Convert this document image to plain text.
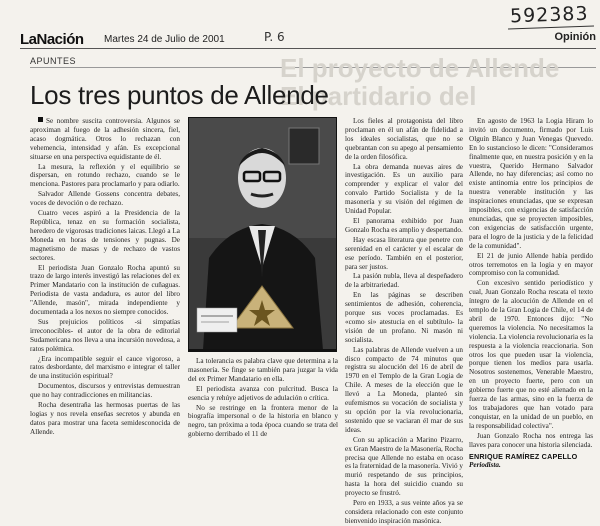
592383
P. 6
LaNación Martes 24 de Julio de 2001	Opinión
APUNTES	El proyecto de Allende
El partidario del
Los tres puntos de Allende

Se nombre suscita controversia. Algunos se aproximan al fuego de la adhesión sincera, fiel, acaso dogmática. Otros lo rechazan con vehemencia, intensidad y afán. Es excepcional situarse en una perspectiva equidistante de él.

La mesura, la reflexión y el equilibrio se dispersan, en rotundo rechazo, cuando se le menciona. Pastores para proclamarlo y para odiarlo.

Salvador Allende Gossens concentra debates, voces de devoción o de rechazo.

Cuatro veces aspiró a la Presidencia de la República, tenaz en su formación socialista, heredero de vigorosas tradiciones laicas. Llegó a La Moneda en horas de tensiones y pugnas. De magnetismo de masas y de rechazo de vastos sectores.

El periodista Juan Gonzalo Rocha apuntó su trazo de largo interés investigó las relaciones del ex Primer Mandatario con la institución de cuñaguas. Periodista de vasta andadura, es autor del libro "Allende, masón", mirada independiente y documentada a los nexos no siempre conocidos.

Sus prejuicios políticos -si simpatías irreconocibles- el autor de la obra de editorial Sudamericana nos lleva a una incursión novedosa, a ratos polémica.

¿Era incompatible seguir el cauce vigoroso, a ratos desbordante, del marxismo e integrar el taller de una institución espiritual?

Documentos, discursos y entrevistas demuestran que no hay contradicciones en militancias.

Rocha desentraña las hermosas puertas de las logias y nos revela enseñas secretos y abunda en datos para mostrar una faceta semidesconocida de Allende.

La tolerancia es palabra clave que determina a la masonería. Se finge se también para juzgar la vida del ex Primer Mandatario en ella.

El periodista avanza con pulcritud. Busca la esencia y rehúye adjetivos de adulación o crítica.

No se restringe en la frontera menor de la biografía impersonal o de la historia en blanco y negro, tan próxima a toda época cuando se trata del gobierno derribado el 11 de

Los fieles al protagonista del libro proclaman en él un afán de fidelidad a los ideales socialistas, que no se quebrantan con su apego al pensamiento de la orden filosófica.

La obra demanda nuevas aires de investigación. Es un auxilio para comprender y explicar el valor del convalo Partido Socialista y de la masonería y su visión del régimen de Unidad Popular.

El panorama exhibido por Juan Gonzalo Rocha es amplio y despertando.

Hay escasa literatura que penetre con serenidad en el carácter y el escalar de ese período. También en el posterior, para ser justos.

La pasión nubla, lleva al despeñadero de la arbitrariedad.

En las páginas se describen sentimientos de adhesión, coherencia, porque sus voces proclamadas. Es «como si» atestucia en el subtítulo- la visión de un profano. Ni masón ni socialista.

Las palabras de Allende vuelven a un disco compacto de 74 minutos que registra su alocución del 16 de abril de 1970 en el Templo de la Gran Logia de Chile. A meses de la elección que le llevó a La Moneda, planteó sin eufemismos su vocación de socialista y su opción por la vía revolucionaria, sostenido que se vaciaran él mar de sus ideas.

Con su aplicación a Marino Pizarro, ex Gran Maestro de la Masonería, Rocha precisa que Allende no estaba en ocaso es la fraternidad de la masonería. Vivió y murió respetando de sus principios, hasta la hora del suicidio cuando su proyecto se frustró.

Pero en 1933, a sus veinte años ya se considera relacionado con este conjunto bienvenido inspiración masónica.

En agosto de 1963 la Logia Hiram lo invitó un documento, firmado por Luis Olguín Blanco y Juan Venegas Quevedo. En lo sustancioso le dicen: "Consideramos finalmente que, en nuestra posición y en la vuestra, Querido Hermano Salvador Allende, no hay diferencias; así como no existe antinomia entre los principios de nuestra venerable institución y las inspiraciones enunciadas, que se expresan imposibles, con exigencias de satisfacción enunciadas, que se proyecten imposibles, con exigencias de satisfacción urgente, para el logro de la justicia y de la felicidad de la comunidad".

El 21 de junio Allende había perdido otros terremotos en la logia y en mayor compromiso con la comunidad.

Con excesivo sentido periodístico y cual, Juan Gonzalo Rocha rescata el texto íntegro de la alocución de Allende en el templo de la Gran Logia de Chile, el 14 de abril de 1970. Entonces dijo: "No queremos la violencia. No necesitamos la violencia. La violencia revolucionaria es la respuesta a la violencia reaccionaria. Son otros los que pueden usar la violencia, porque tienen los medios para usarla. Nosotros sostenemos, Venerable Maestro, en un proyecto fuerte, pero con un gobierno fuerte que no esté alienado en la fuerza de las armas, sino en la fuerza de los trabajadores que han votado para conquistar, en la unidad de un pueblo, en la responsabilidad colectiva".

Juan Gonzalo Rocha nos entrega las llaves para conocer una historia silenciada.

ENRIQUE RAMÍREZ CAPELLO
Periodista.
